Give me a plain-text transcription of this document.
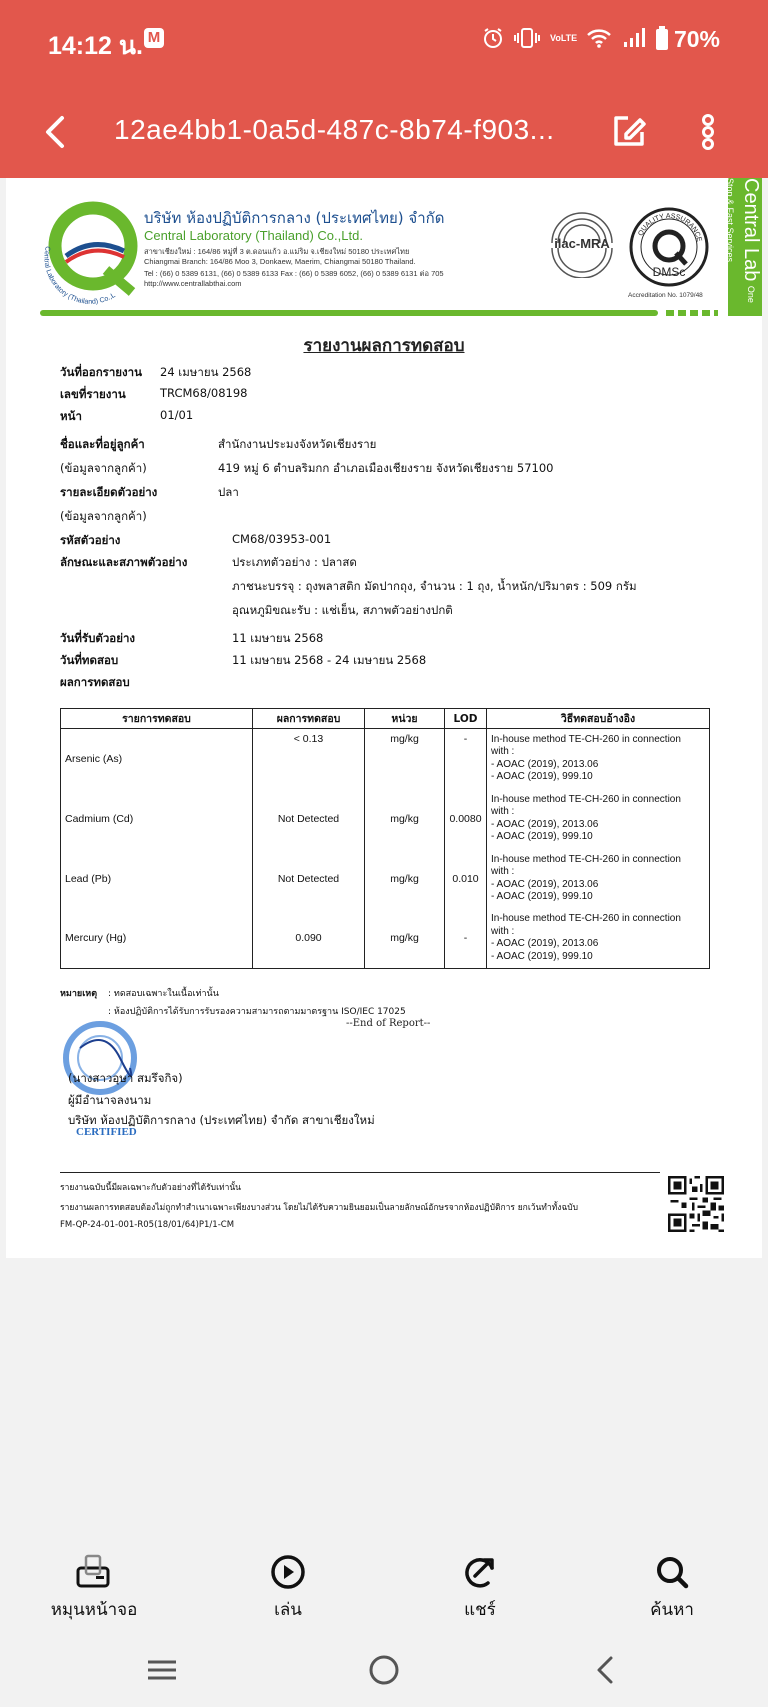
14:12 น. M	VoLTE	70%
12ae4bb1-0a5d-487c-8b74-f903...
Central Lab One Stop & Fast Services
Central Laboratory (Thailand) Co.,L
บริษัท ห้องปฏิบัติการกลาง (ประเทศไทย) จำกัด
Central Laboratory (Thailand) Co.,Ltd.
สาขาเชียงใหม่ : 164/86 หมู่ที่ 3 ต.ดอนแก้ว อ.แม่ริม จ.เชียงใหม่ 50180 ประเทศไทย
Chiangmai Branch: 164/86 Moo 3, Donkaew, Maerim, Chiangmai 50180 Thailand.
Tel : (66) 0 5389 6131, (66) 0 5389 6133 Fax : (66) 0 5389 6052, (66) 0 5389 6131 ต่อ 705
http://www.centrallabthai.com
ilac-MRA
QUALITY ASSURANCE
DMSc
Accreditation No. 1079/48
รายงานผลการทดสอบ
วันที่ออกรายงาน 24 เมษายน 2568
เลขที่รายงาน	TRCM68/08198
หน้า	01/01
ชื่อและที่อยู่ลูกค้า	สำนักงานประมงจังหวัดเชียงราย
(ข้อมูลจากลูกค้า)	419 หมู่ 6 ตำบลริมกก อำเภอเมืองเชียงราย จังหวัดเชียงราย 57100
รายละเอียดตัวอย่าง	ปลา
(ข้อมูลจากลูกค้า)
รหัสตัวอย่าง	CM68/03953-001
ลักษณะและสภาพตัวอย่าง	ประเภทตัวอย่าง : ปลาสด
ภาชนะบรรจุ : ถุงพลาสติก มัดปากถุง, จำนวน : 1 ถุง, น้ำหนัก/ปริมาตร : 509 กรัม
อุณหภูมิขณะรับ : แช่เย็น, สภาพตัวอย่างปกติ
วันที่รับตัวอย่าง	11 เมษายน 2568
วันที่ทดสอบ	11 เมษายน 2568 - 24 เมษายน 2568
ผลการทดสอบ
รายการทดสอบ	ผลการทดสอบ	หน่วย	LOD	วิธีทดสอบอ้างอิง
Arsenic (As)	< 0.13	mg/kg	-	In-house method TE-CH-260 in connection
with :
- AOAC (2019), 2013.06
- AOAC (2019), 999.10

Cadmium (Cd)	Not Detected	mg/kg	0.0080	In-house method TE-CH-260 in connection
with :
- AOAC (2019), 2013.06
- AOAC (2019), 999.10

Lead (Pb)	Not Detected	mg/kg	0.010	In-house method TE-CH-260 in connection
with :
- AOAC (2019), 2013.06
- AOAC (2019), 999.10

Mercury (Hg)	0.090	mg/kg	-	In-house method TE-CH-260 in connection
with :
- AOAC (2019), 2013.06
- AOAC (2019), 999.10
หมายเหตุ : ทดสอบเฉพาะในเนื้อเท่านั้น
: ห้องปฏิบัติการได้รับการรับรองความสามารถตามมาตรฐาน ISO/IEC 17025
--End of Report--
(นางสาวอุษา สมรึจกิจ)
ผู้มีอำนาจลงนาม
บริษัท ห้องปฏิบัติการกลาง (ประเทศไทย) จำกัด สาขาเชียงใหม่
CERTIFIED
รายงานฉบับนี้มีผลเฉพาะกับตัวอย่างที่ได้รับเท่านั้น
รายงานผลการทดสอบต้องไม่ถูกทำสำเนาเฉพาะเพียงบางส่วน โดยไม่ได้รับความยินยอมเป็นลายลักษณ์อักษรจากห้องปฏิบัติการ ยกเว้นทำทั้งฉบับ
FM-QP-24-01-001-R05(18/01/64)P1/1-CM
หมุนหน้าจอ	เล่น	แชร์	ค้นหา
